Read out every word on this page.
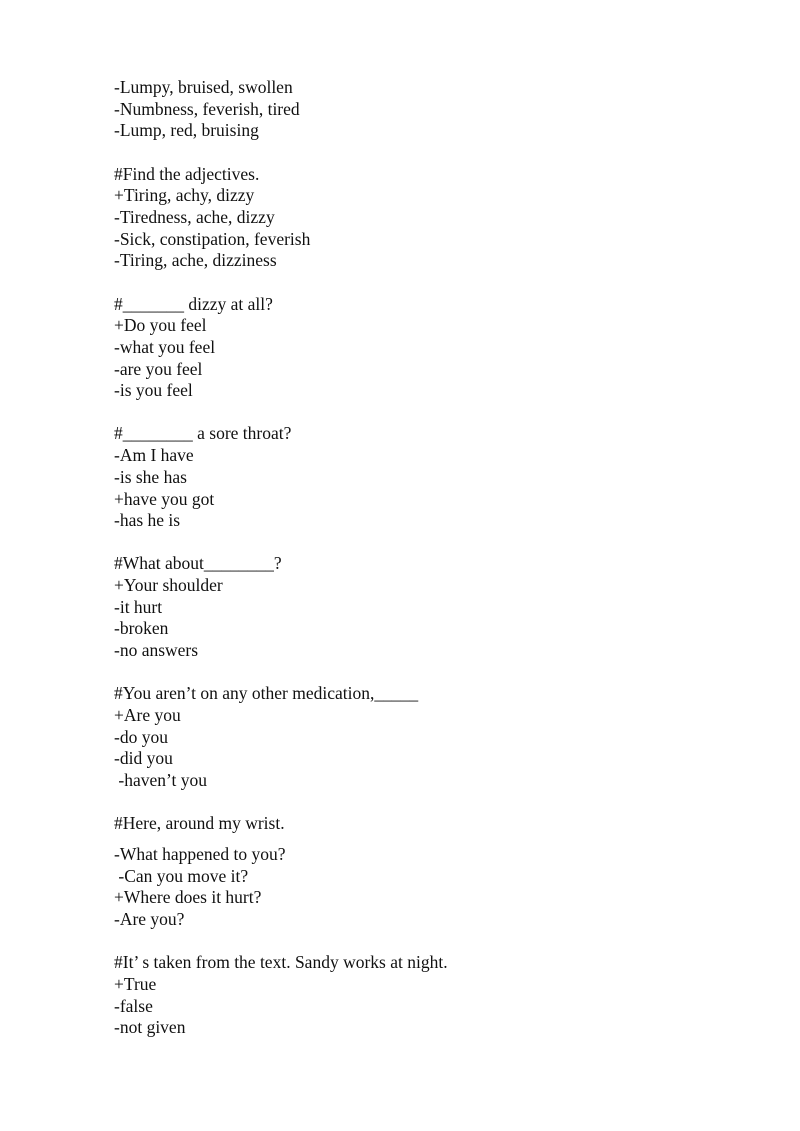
-Lumpy, bruised, swollen
-Numbness, feverish, tired
-Lump, red, bruising
#Find the adjectives.
+Tiring, achy, dizzy
-Tiredness, ache, dizzy
-Sick, constipation, feverish
-Tiring, ache, dizziness
#_______ dizzy at all?
+Do you feel
-what you feel
-are you feel
-is you feel
#________ a sore throat?
-Am I have
-is she has
+have you got
-has he is
#What about________?
+Your shoulder
-it hurt
-broken
-no answers
#You aren’t on any other medication,_____
+Are you
-do you
-did you
-haven’t you
#Here, around my wrist.
-What happened to you?
-Can you move it?
+Where does it hurt?
-Are you?
#It’ s taken from the text. Sandy works at night.
+True
-false
-not given
